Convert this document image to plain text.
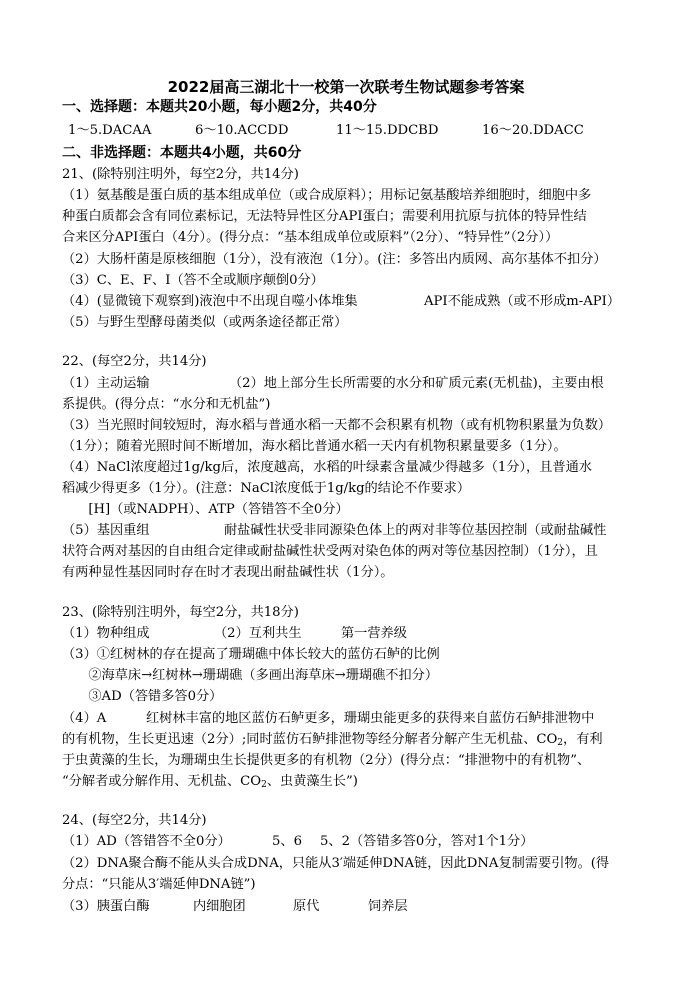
2022届高三湖北十一校第一次联考生物试题参考答案
一、选择题：本题共20小题，每小题2分，共40分

1～5.DACAA

	6～10.ACCDD

	11～15.DDCBD

	16～20.DDACC

二、非选择题：本题共4小题，共60分
21、(除特别注明外，每空2分，共14分)
（1）氨基酸是蛋白质的基本组成单位（或合成原料）；用标记氨基酸培养细胞时，细胞中多
种蛋白质都会含有同位素标记，无法特异性区分API蛋白；需要利用抗原与抗体的特异性结
合来区分API蛋白（4分）。(得分点：“基本组成单位或原料”（2分）、“特异性”（2分））
（2）大肠杆菌是原核细胞（1分），没有液泡（1分）。(注：多答出内质网、高尔基体不扣分）
（3）C、E、F、I（答不全或顺序颠倒0分）

（4）(显微镜下观察到)液泡中不出现自噬小体堆集

	API不能成熟（或不形成m-API）

（5）与野生型酵母菌类似（或两条途径都正常）
22、(每空2分，共14分)

（1）主动运输

	（2）地上部分生长所需要的水分和矿质元素(无机盐)，主要由根

系提供。(得分点：“水分和无机盐”)
（3）当光照时间较短时，海水稻与普通水稻一天都不会积累有机物（或有机物积累量为负数）
（1分）；随着光照时间不断增加，海水稻比普通水稻一天内有机物积累量要多（1分）。
（4）NaCl浓度超过1g/kg后，浓度越高，水稻的叶绿素含量减少得越多（1分），且普通水
稻减少得更多（1分）。(注意：NaCl浓度低于1g/kg的结论不作要求）
　　[H]（或NADPH）、ATP（答错答不全0分）

（5）基因重组

	耐盐碱性状受非同源染色体上的两对非等位基因控制（或耐盐碱性

状符合两对基因的自由组合定律或耐盐碱性状受两对染色体的两对等位基因控制）（1分），且
有两种显性基因同时存在时才表现出耐盐碱性状（1分）。
23、(除特别注明外，每空2分，共18分)

（1）物种组成

	（2）互利共生

	第一营养级

（3）①红树林的存在提高了珊瑚礁中体长较大的蓝仿石鲈的比例
　　②海草床→红树林→珊瑚礁（多画出海草床→珊瑚礁不扣分）
　　③AD（答错多答0分）

（4）A

	红树林丰富的地区蓝仿石鲈更多，珊瑚虫能更多的获得来自蓝仿石鲈排泄物中

的有机物，生长更迅速（2分）;同时蓝仿石鲈排泄物等经分解者分解产生无机盐、$CO_2$，有利
于虫黄藻的生长，为珊瑚虫生长提供更多的有机物（2分）(得分点：“排泄物中的有机物”、
“分解者或分解作用、无机盐、$CO_2$、虫黄藻生长”)
24、(每空2分，共14分)

（1）AD（答错答不全0分）

	5、6

5、2（答错多答0分，答对1个1分）

（2）DNA聚合酶不能从头合成DNA，只能从3′端延伸DNA链，因此DNA复制需要引物。(得
分点：“只能从3′端延伸DNA链”)

（3）胰蛋白酶

	内细胞团

	原代

	饲养层
